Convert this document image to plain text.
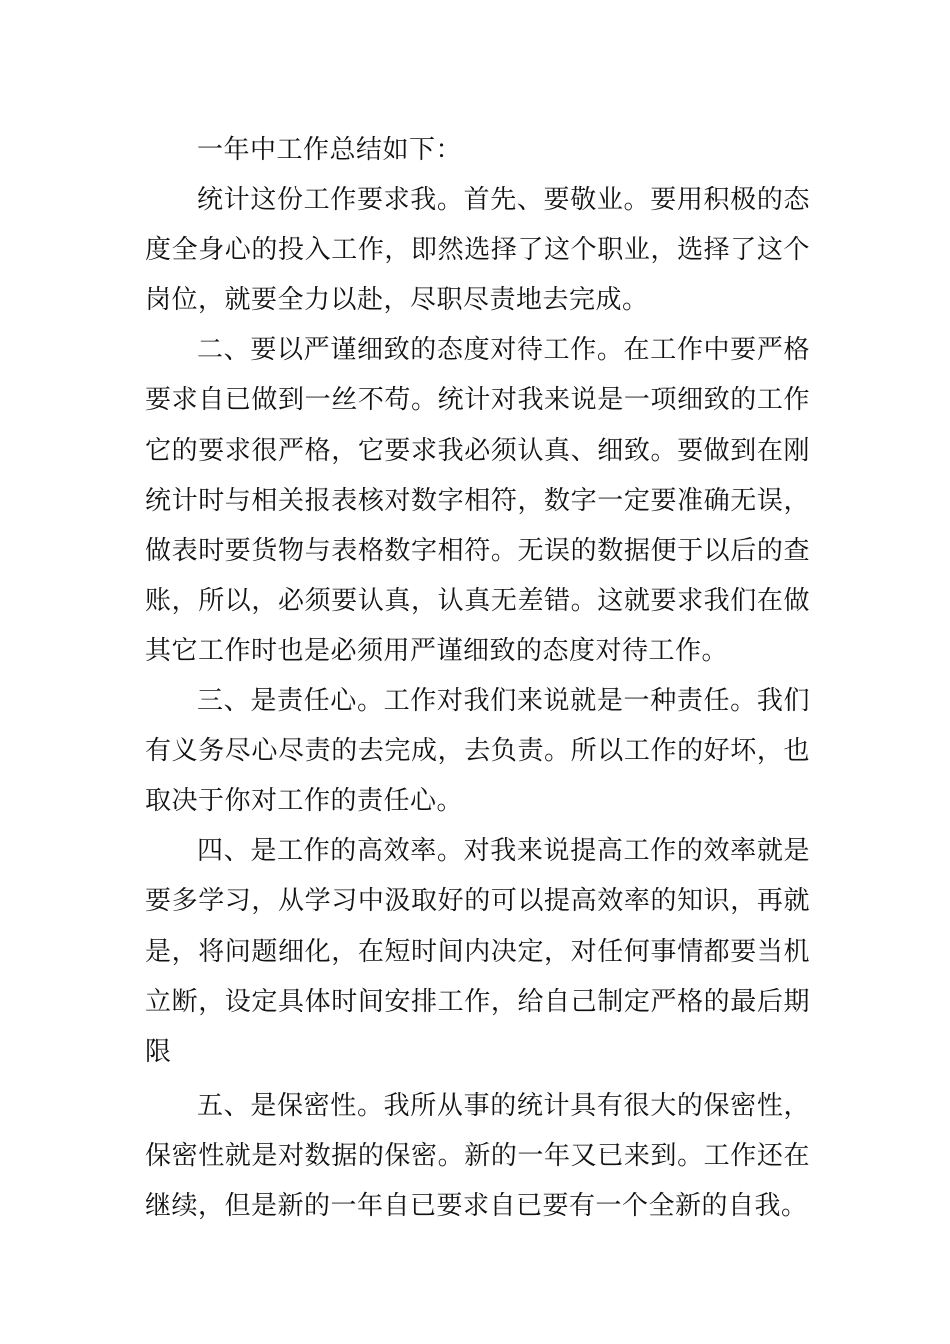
一年中工作总结如下：

统计这份工作要求我。首先、要敬业。要用积极的态度全身心的投入工作，即然选择了这个职业，选择了这个岗位，就要全力以赴，尽职尽责地去完成。

二、要以严谨细致的态度对待工作。在工作中要严格要求自已做到一丝不苟。统计对我来说是一项细致的工作它的要求很严格，它要求我必须认真、细致。要做到在刚统计时与相关报表核对数字相符，数字一定要准确无误，做表时要货物与表格数字相符。无误的数据便于以后的查账，所以，必须要认真，认真无差错。这就要求我们在做其它工作时也是必须用严谨细致的态度对待工作。

三、是责任心。工作对我们来说就是一种责任。我们有义务尽心尽责的去完成，去负责。所以工作的好坏，也取决于你对工作的责任心。

四、是工作的高效率。对我来说提高工作的效率就是要多学习，从学习中汲取好的可以提高效率的知识，再就是，将问题细化，在短时间内决定，对任何事情都要当机立断，设定具体时间安排工作，给自己制定严格的最后期限

五、是保密性。我所从事的统计具有很大的保密性，保密性就是对数据的保密。新的一年又已来到。工作还在继续，但是新的一年自已要求自已要有一个全新的自我。
